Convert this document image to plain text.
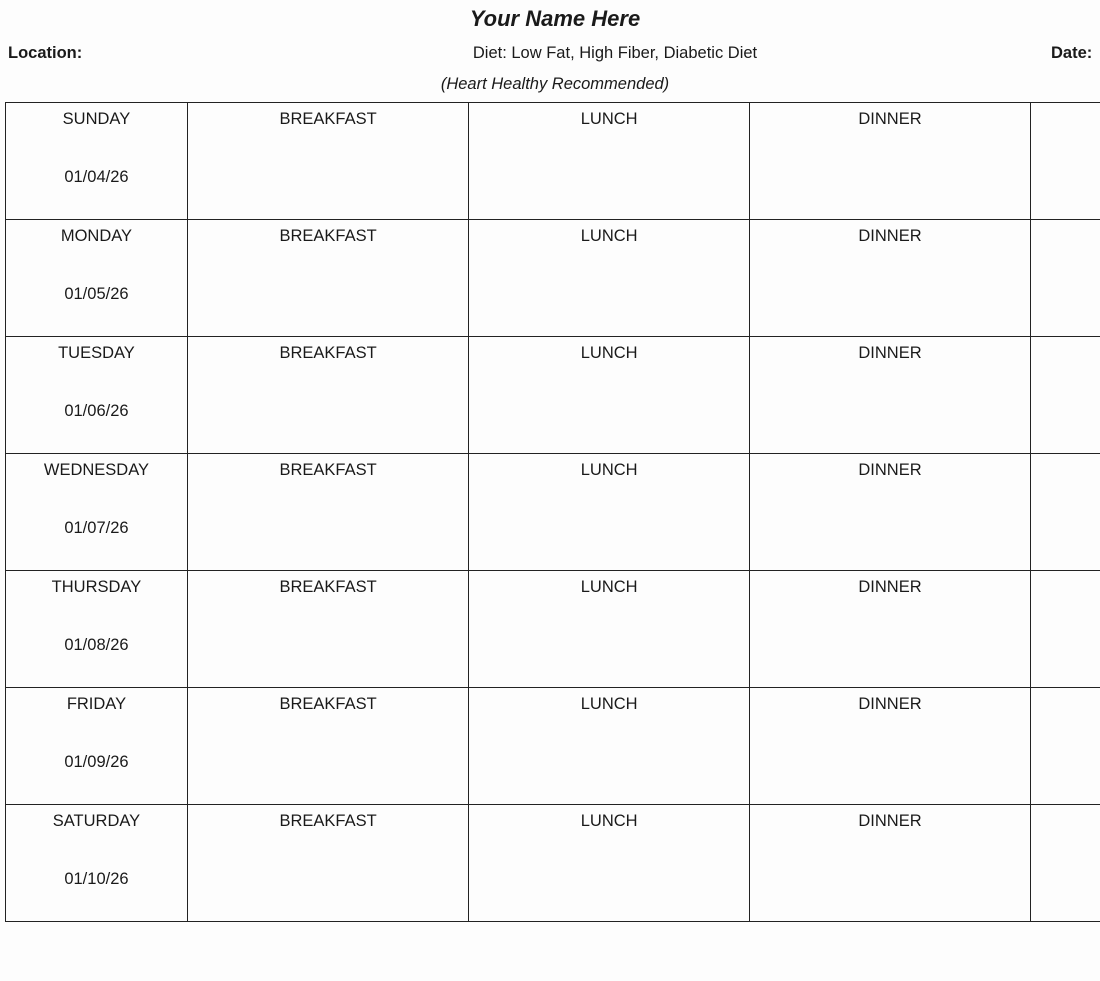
Your Name Here
Location:	Diet: Low Fat, High Fiber, Diabetic Diet	Date:
(Heart Healthy Recommended)
SUNDAY
01/04/26	BREAKFAST	LUNCH	DINNER	

MONDAY
01/05/26	BREAKFAST	LUNCH	DINNER	

TUESDAY
01/06/26	BREAKFAST	LUNCH	DINNER	

WEDNESDAY
01/07/26	BREAKFAST	LUNCH	DINNER	

THURSDAY
01/08/26	BREAKFAST	LUNCH	DINNER	

FRIDAY
01/09/26	BREAKFAST	LUNCH	DINNER	

SATURDAY
01/10/26	BREAKFAST	LUNCH	DINNER	
